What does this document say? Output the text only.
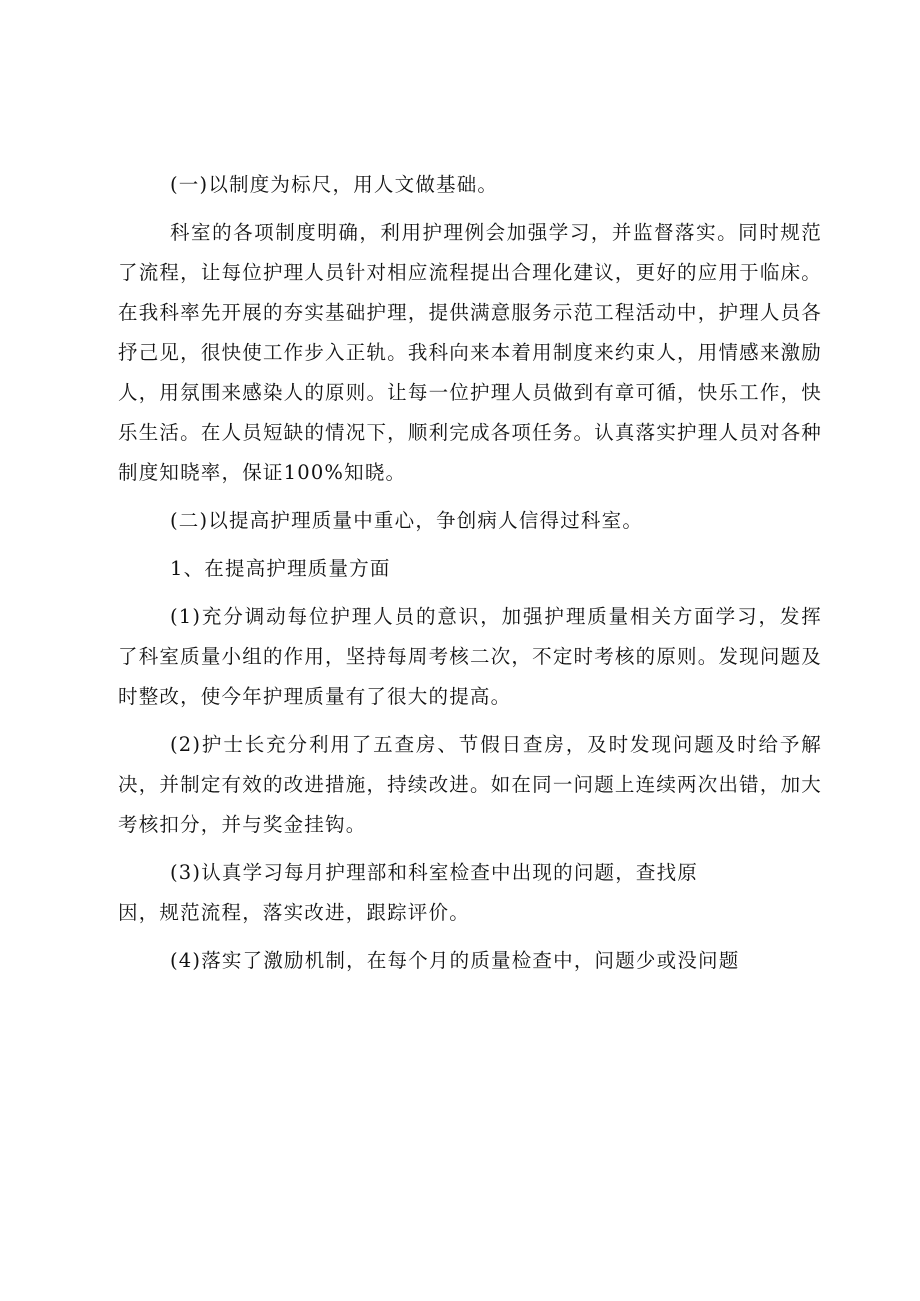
(一)以制度为标尺，用人文做基础。

科室的各项制度明确，利用护理例会加强学习，并监督落实。同时规范了流程，让每位护理人员针对相应流程提出合理化建议，更好的应用于临床。在我科率先开展的夯实基础护理，提供满意服务示范工程活动中，护理人员各抒己见，很快使工作步入正轨。我科向来本着用制度来约束人，用情感来激励人，用氛围来感染人的原则。让每一位护理人员做到有章可循，快乐工作，快乐生活。在人员短缺的情况下，顺利完成各项任务。认真落实护理人员对各种制度知晓率，保证100%知晓。

(二)以提高护理质量中重心，争创病人信得过科室。

1、在提高护理质量方面

(1)充分调动每位护理人员的意识，加强护理质量相关方面学习，发挥了科室质量小组的作用，坚持每周考核二次，不定时考核的原则。发现问题及时整改，使今年护理质量有了很大的提高。

(2)护士长充分利用了五查房、节假日查房，及时发现问题及时给予解决，并制定有效的改进措施，持续改进。如在同一问题上连续两次出错，加大考核扣分，并与奖金挂钩。

(3)认真学习每月护理部和科室检查中出现的问题，查找原
因，规范流程，落实改进，跟踪评价。

(4)落实了激励机制，在每个月的质量检查中，问题少或没问题
